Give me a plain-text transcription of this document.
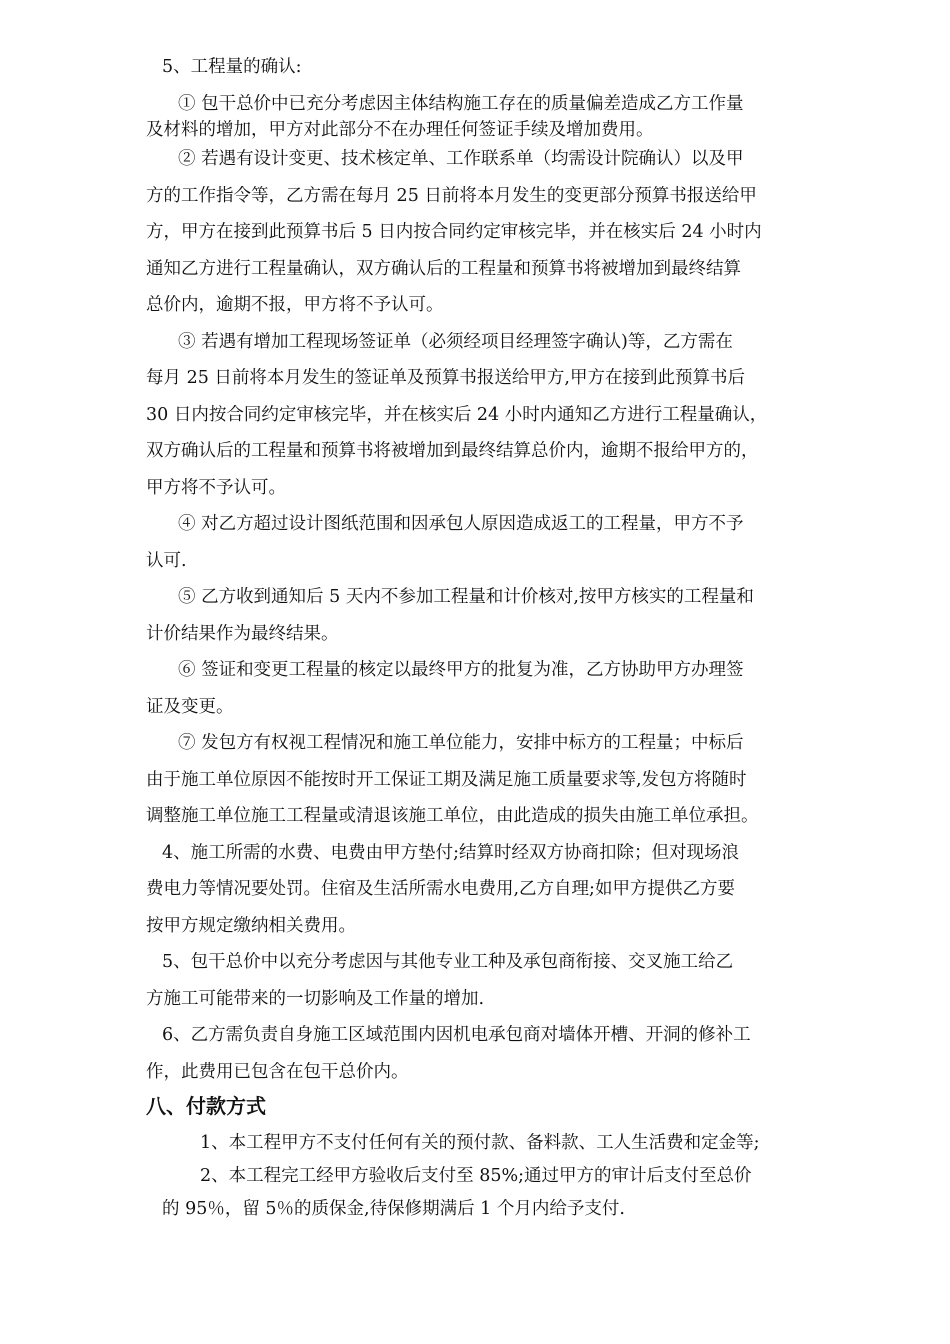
5、工程量的确认:
① 包干总价中已充分考虑因主体结构施工存在的质量偏差造成乙方工作量
及材料的增加，甲方对此部分不在办理任何签证手续及增加费用。
② 若遇有设计变更、技术核定单、工作联系单（均需设计院确认）以及甲
方的工作指令等，乙方需在每月 25 日前将本月发生的变更部分预算书报送给甲
方，甲方在接到此预算书后 5 日内按合同约定审核完毕，并在核实后 24 小时内
通知乙方进行工程量确认，双方确认后的工程量和预算书将被增加到最终结算
总价内，逾期不报，甲方将不予认可。
③ 若遇有增加工程现场签证单（必须经项目经理签字确认)等，乙方需在
每月 25 日前将本月发生的签证单及预算书报送给甲方,甲方在接到此预算书后
30 日内按合同约定审核完毕，并在核实后 24 小时内通知乙方进行工程量确认，
双方确认后的工程量和预算书将被增加到最终结算总价内，逾期不报给甲方的，
甲方将不予认可。
④ 对乙方超过设计图纸范围和因承包人原因造成返工的工程量，甲方不予
认可.
⑤ 乙方收到通知后 5 天内不参加工程量和计价核对,按甲方核实的工程量和
计价结果作为最终结果。
⑥ 签证和变更工程量的核定以最终甲方的批复为准，乙方协助甲方办理签
证及变更。
⑦ 发包方有权视工程情况和施工单位能力，安排中标方的工程量；中标后
由于施工单位原因不能按时开工保证工期及满足施工质量要求等,发包方将随时
调整施工单位施工工程量或清退该施工单位，由此造成的损失由施工单位承担。
4、施工所需的水费、电费由甲方垫付;结算时经双方协商扣除；但对现场浪
费电力等情况要处罚。住宿及生活所需水电费用,乙方自理;如甲方提供乙方要
按甲方规定缴纳相关费用。
5、包干总价中以充分考虑因与其他专业工种及承包商衔接、交叉施工给乙
方施工可能带来的一切影响及工作量的增加.
6、乙方需负责自身施工区域范围内因机电承包商对墙体开槽、开洞的修补工
作，此费用已包含在包干总价内。
八、付款方式
1、本工程甲方不支付任何有关的预付款、备料款、工人生活费和定金等;
2、本工程完工经甲方验收后支付至 85%;通过甲方的审计后支付至总价
的 95％，留 5％的质保金,待保修期满后 1 个月内给予支付.
